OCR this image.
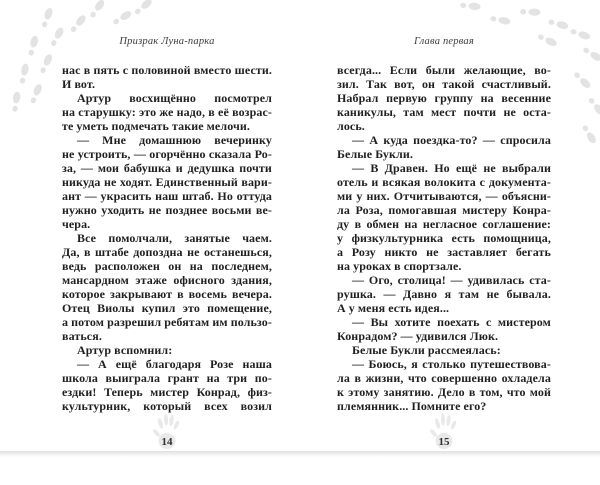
Призрак Луна-парка	Глава первая
нас в пять с половиной вместо шести.
И вот.
Артур восхищённо посмотрел
на старушку: это же надо, в её возрас-
те уметь подмечать такие мелочи.
— Мне домашнюю вечеринку
не устроить, — огорчённо сказала Ро-
за, — мои бабушка и дедушка почти
никуда не ходят. Единственный вари-
ант — украсить наш штаб. Но оттуда
нужно уходить не позднее восьми ве-
чера.
Все помолчали, занятые чаем.
Да, в штабе допоздна не останешься,
ведь расположен он на последнем,
мансардном этаже офисного здания,
которое закрывают в восемь вечера.
Отец Виолы купил это помещение,
а потом разрешил ребятам им пользо-
ваться.
Артур вспомнил:
— А ещё благодаря Розе наша
школа выиграла грант на три по-
ездки! Теперь мистер Конрад, физ-
культурник, который всех возил
всегда... Если были желающие, во-
зил. Так вот, он такой счастливый.
Набрал первую группу на весенние
каникулы, там мест почти не оста-
лось.
— А куда поездка-то? — спросила
Белые Букли.
— В Дравен. Но ещё не выбрали
отель и всякая волокита с документа-
ми у них. Отчитываются, — объясни-
ла Роза, помогавшая мистеру Конра-
ду в обмен на негласное соглашение:
у физкультурника есть помощница,
а Розу никто не заставляет бегать
на уроках в спортзале.
— Ого, столица! — удивилась ста-
рушка. — Давно я там не бывала.
А у меня есть идея...
— Вы хотите поехать с мистером
Конрадом? — удивился Люк.
Белые Букли рассмеялась:
— Боюсь, я столько путешествова-
ла в жизни, что совершенно охладела
к этому занятию. Дело в том, что мой
племянник... Помните его?
14	15
